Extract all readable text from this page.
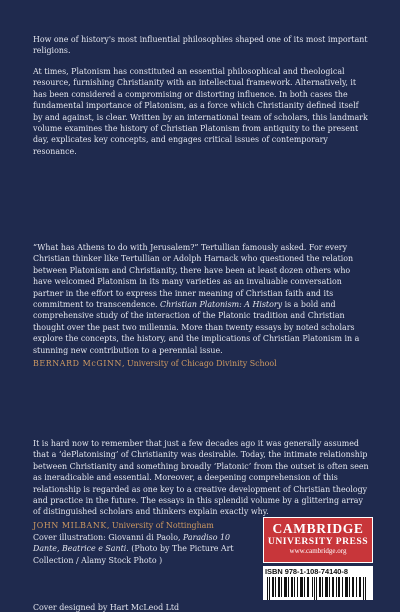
How one of history's most influential philosophies shaped one of its most important religions.

At times, Platonism has constituted an essential philosophical and theological resource, furnishing Christianity with an intellectual framework. Alternatively, it has been considered a compromising or distorting influence. In both cases the fundamental importance of Platonism, as a force which Christianity defined itself by and against, is clear. Written by an international team of scholars, this landmark volume examines the history of Christian Platonism from antiquity to the present day, explicates key concepts, and engages critical issues of contemporary resonance.

“What has Athens to do with Jerusalem?” Tertullian famously asked. For every Christian thinker like Tertullian or Adolph Harnack who questioned the relation between Platonism and Christianity, there have been at least dozen others who have welcomed Platonism in its many varieties as an invaluable conversation partner in the effort to express the inner meaning of Christian faith and its commitment to transcendence. Christian Platonism: A History is a bold and comprehensive study of the interaction of the Platonic tradition and Christian thought over the past two millennia. More than twenty essays by noted scholars explore the concepts, the history, and the implications of Christian Platonism in a stunning new contribution to a perennial issue.
BERNARD McGINN, University of Chicago Divinity School
It is hard now to remember that just a few decades ago it was generally assumed that a ‘dePlatonising’ of Christianity was desirable. Today, the intimate relationship between Christianity and something broadly ‘Platonic’ from the outset is often seen as ineradicable and essential. Moreover, a deepening comprehension of this relationship is regarded as one key to a creative development of Christian theology and practice in the future. The essays in this splendid volume by a glittering array of distinguished scholars and thinkers explain exactly why.
JOHN MILBANK, University of Nottingham

Cover illustration: Giovanni di Paolo, Paradiso 10 Dante, Beatrice e Santi. (Photo by The Picture Art Collection / Alamy Stock Photo )

Cover designed by Hart McLeod Ltd

CAMBRIDGE
UNIVERSITY PRESS
www.cambridge.org
ISBN 978-1-108-74140-8
